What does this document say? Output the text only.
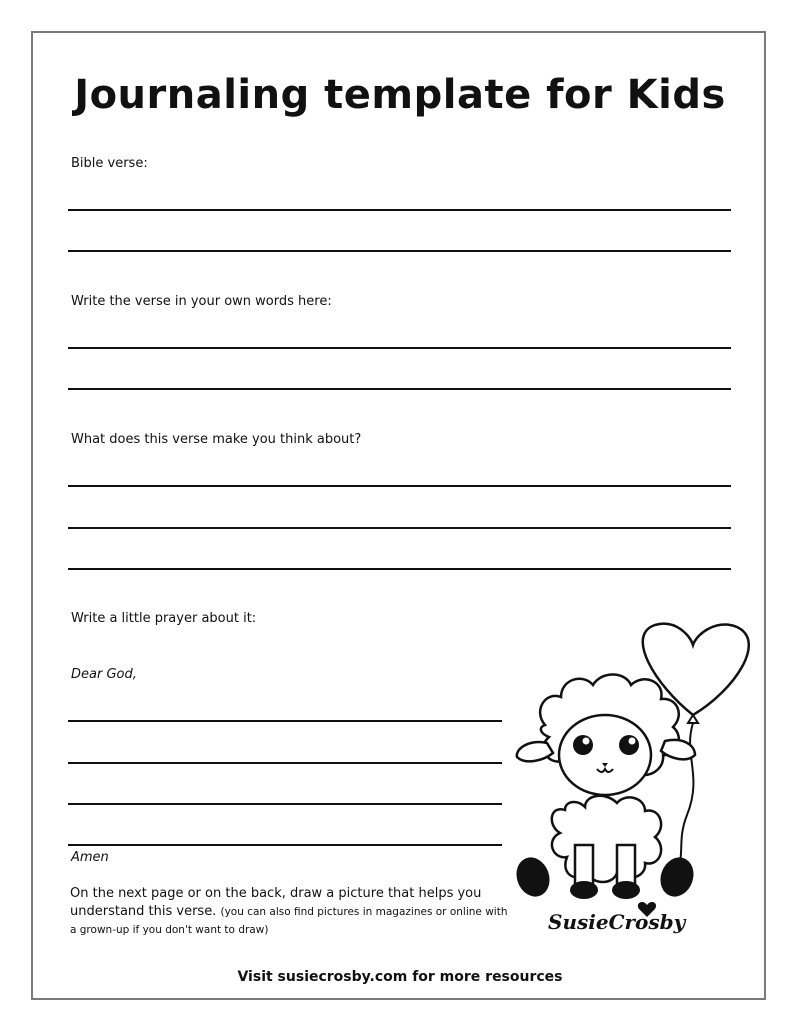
Journaling template for Kids
Bible verse:
Write the verse in your own words here:
What does this verse make you think about?
Write a little prayer about it:
Dear God,
Amen
On the next page or on the back, draw a picture that helps you understand this verse. (you can also find pictures in magazines or online with a grown-up if you don't want to draw)	SusieCrosby
Visit susiecrosby.com for more resources
